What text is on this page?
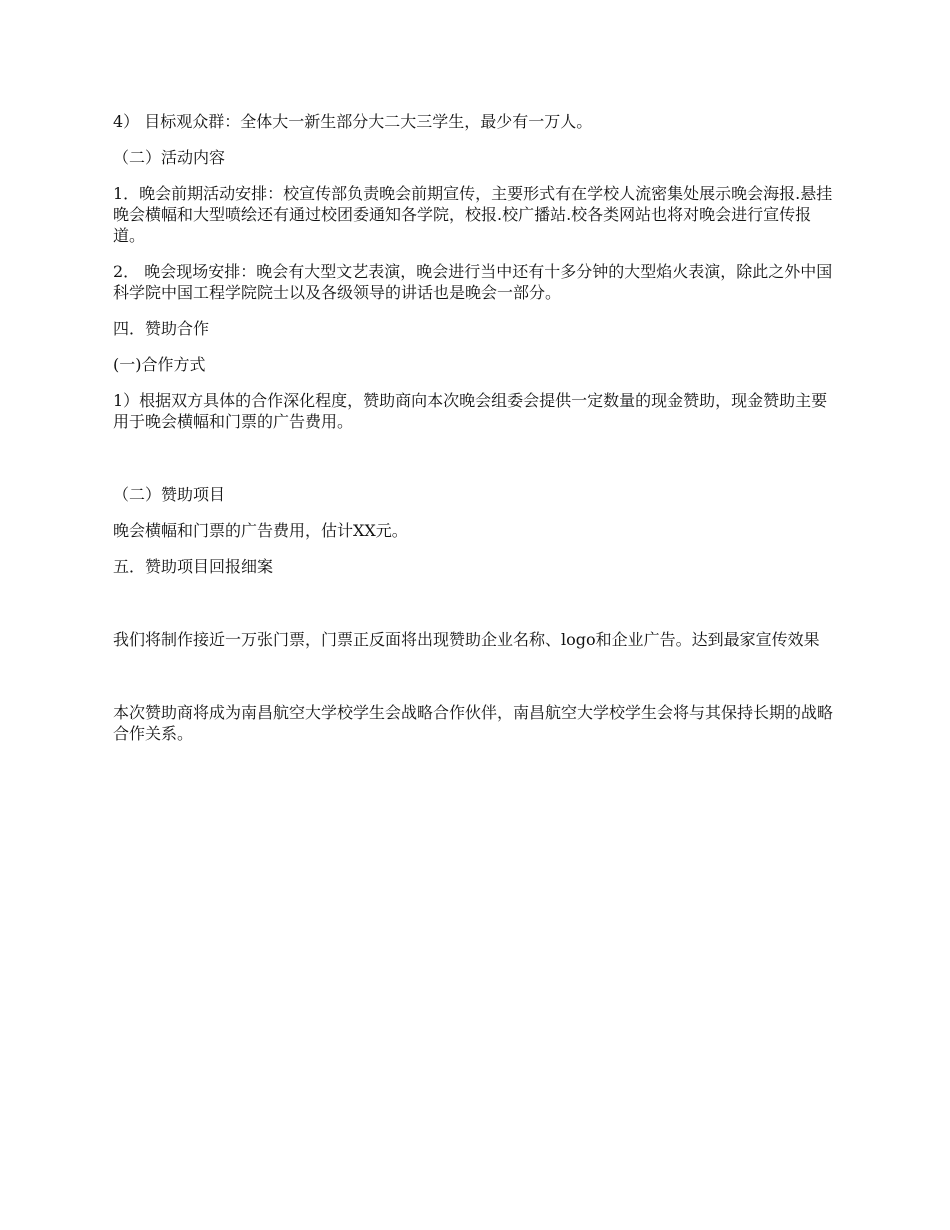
4） 目标观众群：全体大一新生部分大二大三学生，最少有一万人。

（二）活动内容

1．晚会前期活动安排：校宣传部负责晚会前期宣传，主要形式有在学校人流密集处展示晚会海报.悬挂晚会横幅和大型喷绘还有通过校团委通知各学院，校报.校广播站.校各类网站也将对晚会进行宣传报道。

2． 晚会现场安排：晚会有大型文艺表演，晚会进行当中还有十多分钟的大型焰火表演，除此之外中国科学院中国工程学院院士以及各级领导的讲话也是晚会一部分。

四．赞助合作

(一)合作方式

1）根据双方具体的合作深化程度，赞助商向本次晚会组委会提供一定数量的现金赞助，现金赞助主要用于晚会横幅和门票的广告费用。

（二）赞助项目

晚会横幅和门票的广告费用，估计XX元。

五．赞助项目回报细案

我们将制作接近一万张门票，门票正反面将出现赞助企业名称、logo和企业广告。达到最家宣传效果

本次赞助商将成为南昌航空大学校学生会战略合作伙伴，南昌航空大学校学生会将与其保持长期的战略合作关系。
